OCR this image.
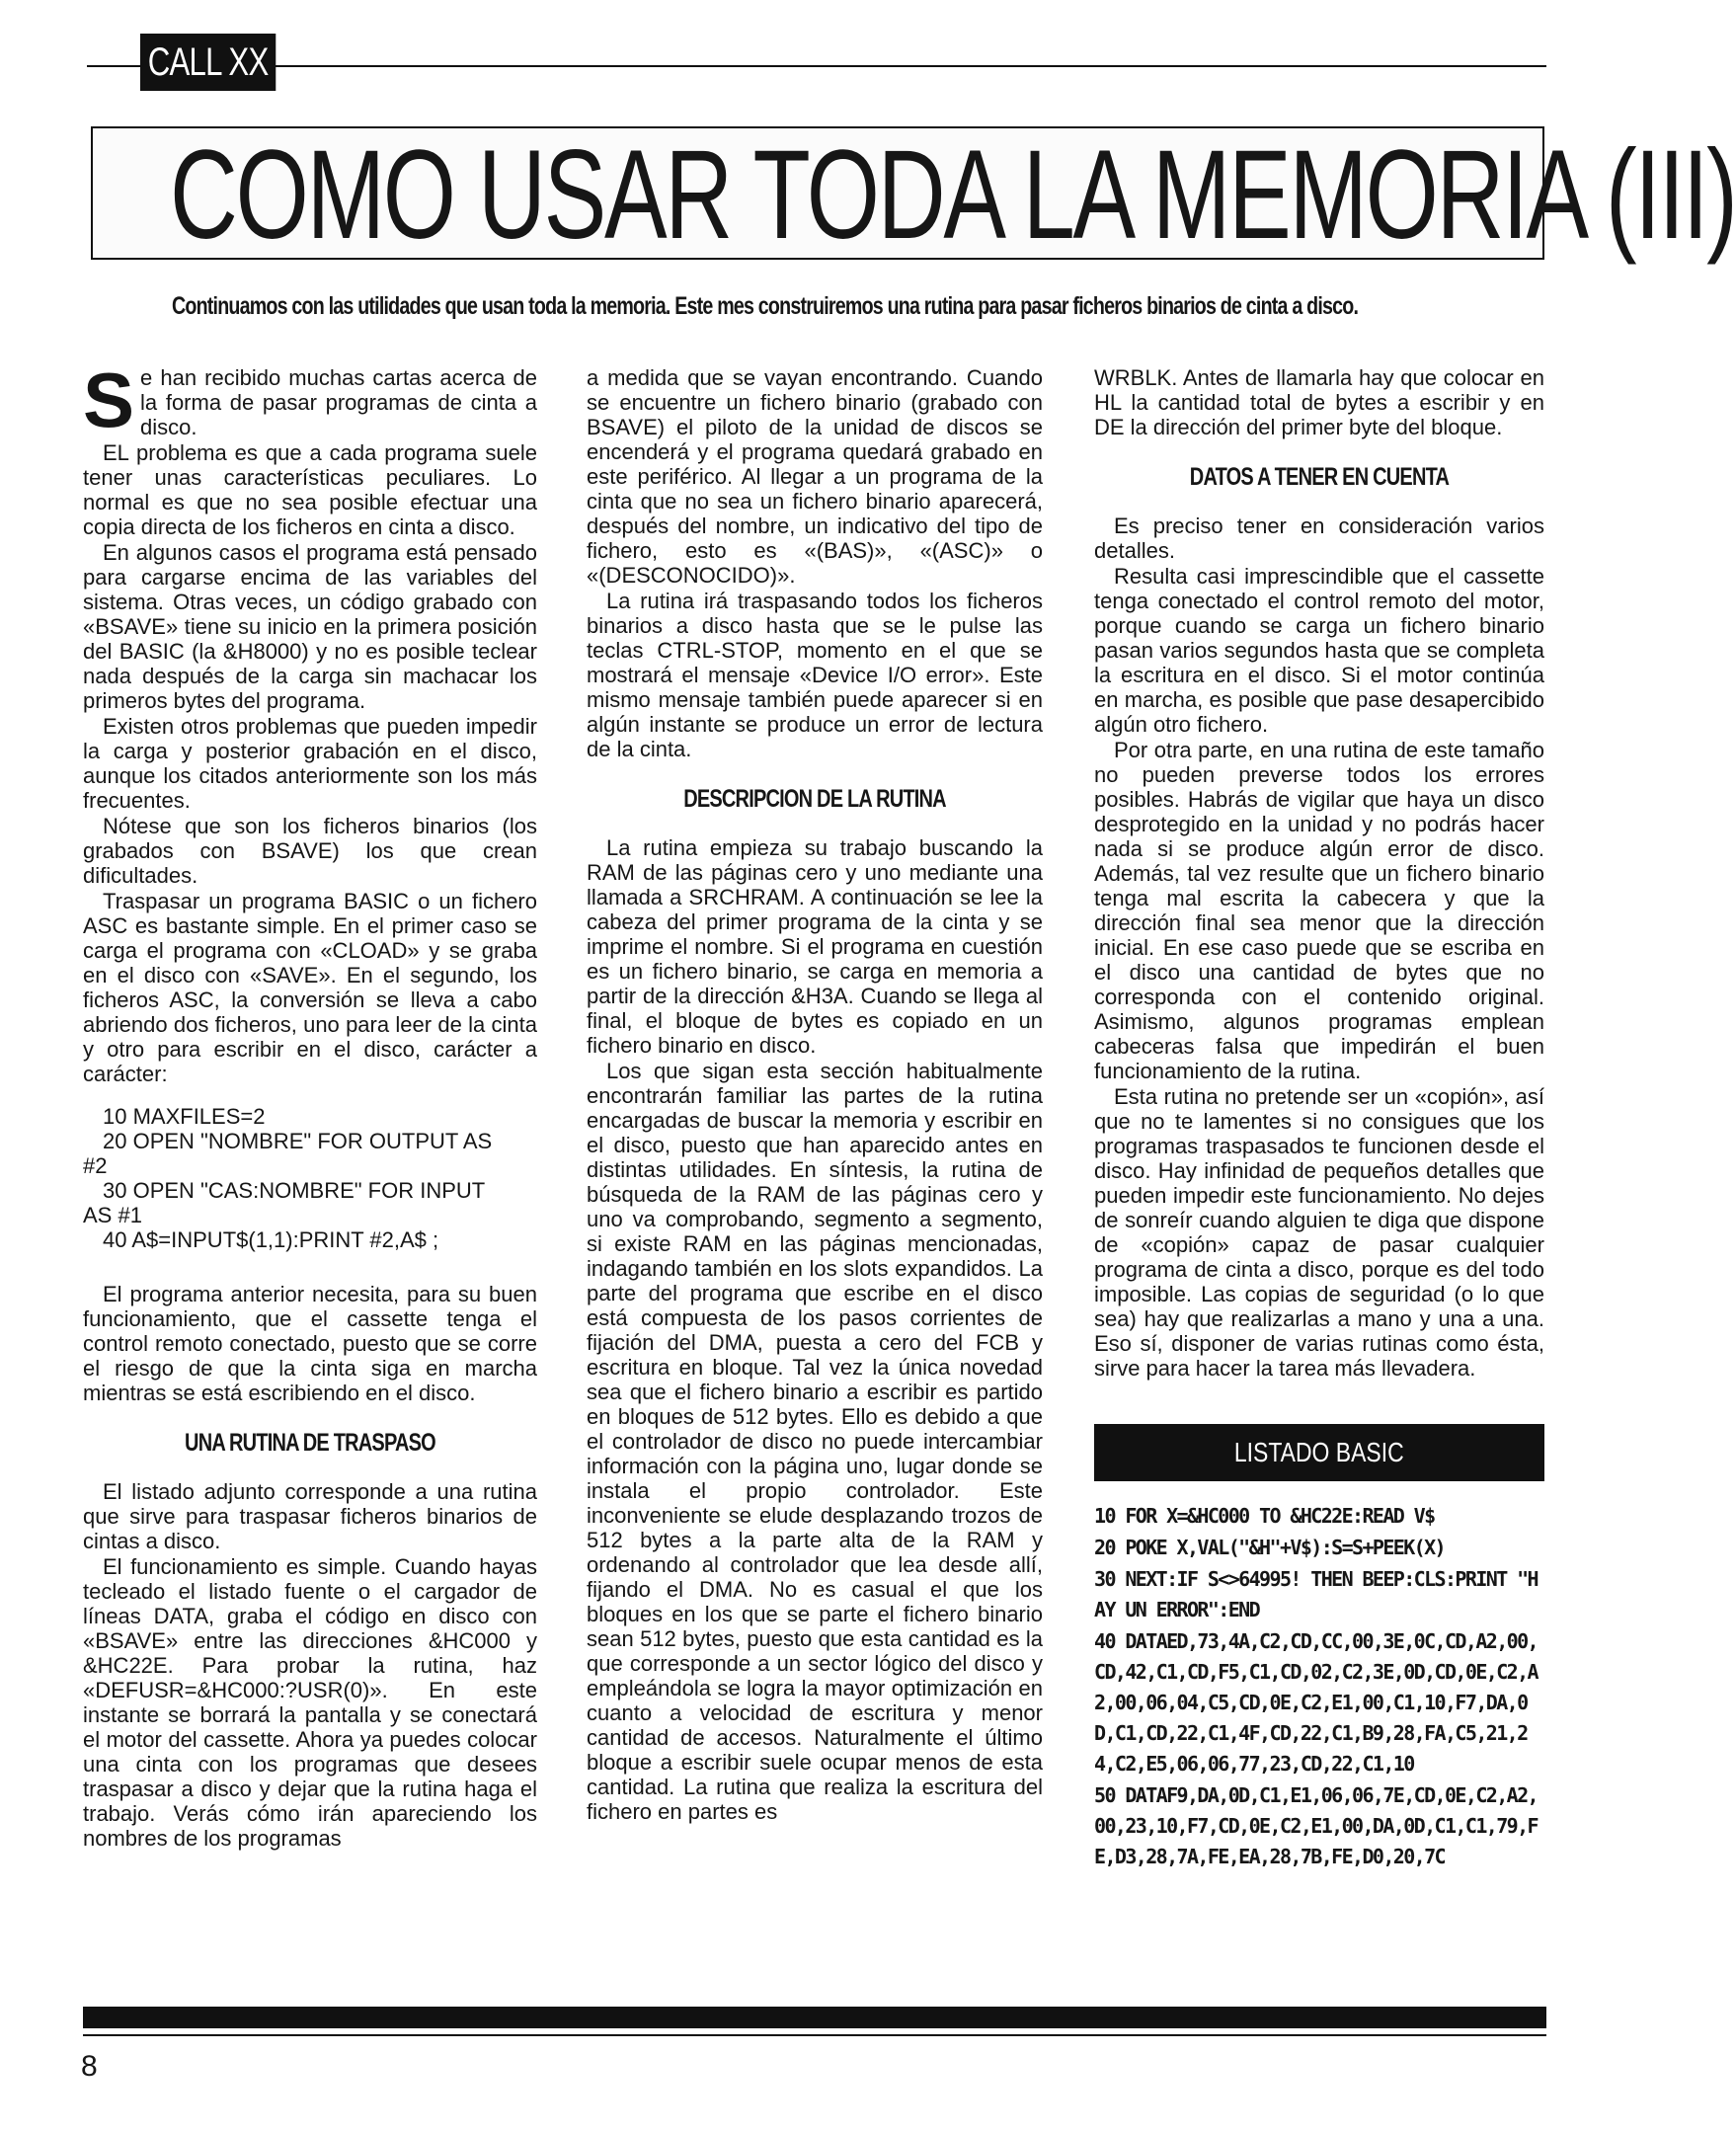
CALL XX
COMO USAR TODA LA MEMORIA (III)
Continuamos con las utilidades que usan toda la memoria. Este mes construiremos una rutina para pasar ficheros binarios de cinta a disco.

Se han recibido muchas cartas acerca de la forma de pasar programas de cinta a disco.

EL problema es que a cada programa suele tener unas características peculiares. Lo normal es que no sea posible efectuar una copia directa de los ficheros en cinta a disco.

En algunos casos el programa está pensado para cargarse encima de las variables del sistema. Otras veces, un código grabado con «BSAVE» tiene su inicio en la primera posición del BASIC (la &H8000) y no es posible teclear nada después de la carga sin machacar los primeros bytes del programa.

Existen otros problemas que pueden impedir la carga y posterior grabación en el disco, aunque los citados anteriormente son los más frecuentes.

Nótese que son los ficheros binarios (los grabados con BSAVE) los que crean dificultades.

Traspasar un programa BASIC o un fichero ASC es bastante simple. En el primer caso se carga el programa con «CLOAD» y se graba en el disco con «SAVE». En el segundo, los ficheros ASC, la conversión se lleva a cabo abriendo dos ficheros, uno para leer de la cinta y otro para escribir en el disco, carácter a carácter:

10 MAXFILES=2
20 OPEN "NOMBRE" FOR OUTPUT AS
#2
30 OPEN "CAS:NOMBRE" FOR INPUT
AS #1
40 A$=INPUT$(1,1):PRINT #2,A$ ;

El programa anterior necesita, para su buen funcionamiento, que el cassette tenga el control remoto conectado, puesto que se corre el riesgo de que la cinta siga en marcha mientras se está escribiendo en el disco.

UNA RUTINA DE TRASPASO

El listado adjunto corresponde a una rutina que sirve para traspasar ficheros binarios de cintas a disco.

El funcionamiento es simple. Cuando hayas tecleado el listado fuente o el cargador de líneas DATA, graba el código en disco con «BSAVE» entre las direcciones &HC000 y &HC22E. Para probar la rutina, haz «DEFUSR=&HC000:?USR(0)». En este instante se borrará la pantalla y se conectará el motor del cassette. Ahora ya puedes colocar una cinta con los programas que desees traspasar a disco y dejar que la rutina haga el trabajo. Verás cómo irán apareciendo los nombres de los programas

a medida que se vayan encontrando. Cuando se encuentre un fichero binario (grabado con BSAVE) el piloto de la unidad de discos se encenderá y el programa quedará grabado en este periférico. Al llegar a un programa de la cinta que no sea un fichero binario aparecerá, después del nombre, un indicativo del tipo de fichero, esto es «(BAS)», «(ASC)» o «(DESCONOCIDO)».

La rutina irá traspasando todos los ficheros binarios a disco hasta que se le pulse las teclas CTRL-STOP, momento en el que se mostrará el mensaje «Device I/O error». Este mismo mensaje también puede aparecer si en algún instante se produce un error de lectura de la cinta.

DESCRIPCION DE LA RUTINA

La rutina empieza su trabajo buscando la RAM de las páginas cero y uno mediante una llamada a SRCHRAM. A continuación se lee la cabeza del primer programa de la cinta y se imprime el nombre. Si el programa en cuestión es un fichero binario, se carga en memoria a partir de la dirección &H3A. Cuando se llega al final, el bloque de bytes es copiado en un fichero binario en disco.

Los que sigan esta sección habitualmente encontrarán familiar las partes de la rutina encargadas de buscar la memoria y escribir en el disco, puesto que han aparecido antes en distintas utilidades. En síntesis, la rutina de búsqueda de la RAM de las páginas cero y uno va comprobando, segmento a segmento, si existe RAM en las páginas mencionadas, indagando también en los slots expandidos. La parte del programa que escribe en el disco está compuesta de los pasos corrientes de fijación del DMA, puesta a cero del FCB y escritura en bloque. Tal vez la única novedad sea que el fichero binario a escribir es partido en bloques de 512 bytes. Ello es debido a que el controlador de disco no puede intercambiar información con la página uno, lugar donde se instala el propio controlador. Este inconveniente se elude desplazando trozos de 512 bytes a la parte alta de la RAM y ordenando al controlador que lea desde allí, fijando el DMA. No es casual el que los bloques en los que se parte el fichero binario sean 512 bytes, puesto que esta cantidad es la que corresponde a un sector lógico del disco y empleándola se logra la mayor optimización en cuanto a velocidad de escritura y menor cantidad de accesos. Naturalmente el último bloque a escribir suele ocupar menos de esta cantidad. La rutina que realiza la escritura del fichero en partes es

WRBLK. Antes de llamarla hay que colocar en HL la cantidad total de bytes a escribir y en DE la dirección del primer byte del bloque.

DATOS A TENER EN CUENTA

Es preciso tener en consideración varios detalles.

Resulta casi imprescindible que el cassette tenga conectado el control remoto del motor, porque cuando se carga un fichero binario pasan varios segundos hasta que se completa la escritura en el disco. Si el motor continúa en marcha, es posible que pase desapercibido algún otro fichero.

Por otra parte, en una rutina de este tamaño no pueden preverse todos los errores posibles. Habrás de vigilar que haya un disco desprotegido en la unidad y no podrás hacer nada si se produce algún error de disco. Además, tal vez resulte que un fichero binario tenga mal escrita la cabecera y que la dirección final sea menor que la dirección inicial. En ese caso puede que se escriba en el disco una cantidad de bytes que no corresponda con el contenido original. Asimismo, algunos programas emplean cabeceras falsa que impedirán el buen funcionamiento de la rutina.

Esta rutina no pretende ser un «copión», así que no te lamentes si no consigues que los programas traspasados te funcionen desde el disco. Hay infinidad de pequeños detalles que pueden impedir este funcionamiento. No dejes de sonreír cuando alguien te diga que dispone de «copión» capaz de pasar cualquier programa de cinta a disco, porque es del todo imposible. Las copias de seguridad (o lo que sea) hay que realizarlas a mano y una a una. Eso sí, disponer de varias rutinas como ésta, sirve para hacer la tarea más llevadera.

LISTADO BASIC
10 FOR X=&HC000 TO &HC22E:READ V$
20 POKE X,VAL("&H"+V$):S=S+PEEK(X)
30 NEXT:IF S<>64995! THEN BEEP:CLS:PRINT "HAY UN ERROR":END
40 DATAED,73,4A,C2,CD,CC,00,3E,0C,CD,A2,00,CD,42,C1,CD,F5,C1,CD,02,C2,3E,0D,CD,0E,C2,A2,00,06,04,C5,CD,0E,C2,E1,00,C1,10,F7,DA,0D,C1,CD,22,C1,4F,CD,22,C1,B9,28,FA,C5,21,24,C2,E5,06,06,77,23,CD,22,C1,10
50 DATAF9,DA,0D,C1,E1,06,06,7E,CD,0E,C2,A2,00,23,10,F7,CD,0E,C2,E1,00,DA,0D,C1,C1,79,FE,D3,28,7A,FE,EA,28,7B,FE,D0,20,7C
8
